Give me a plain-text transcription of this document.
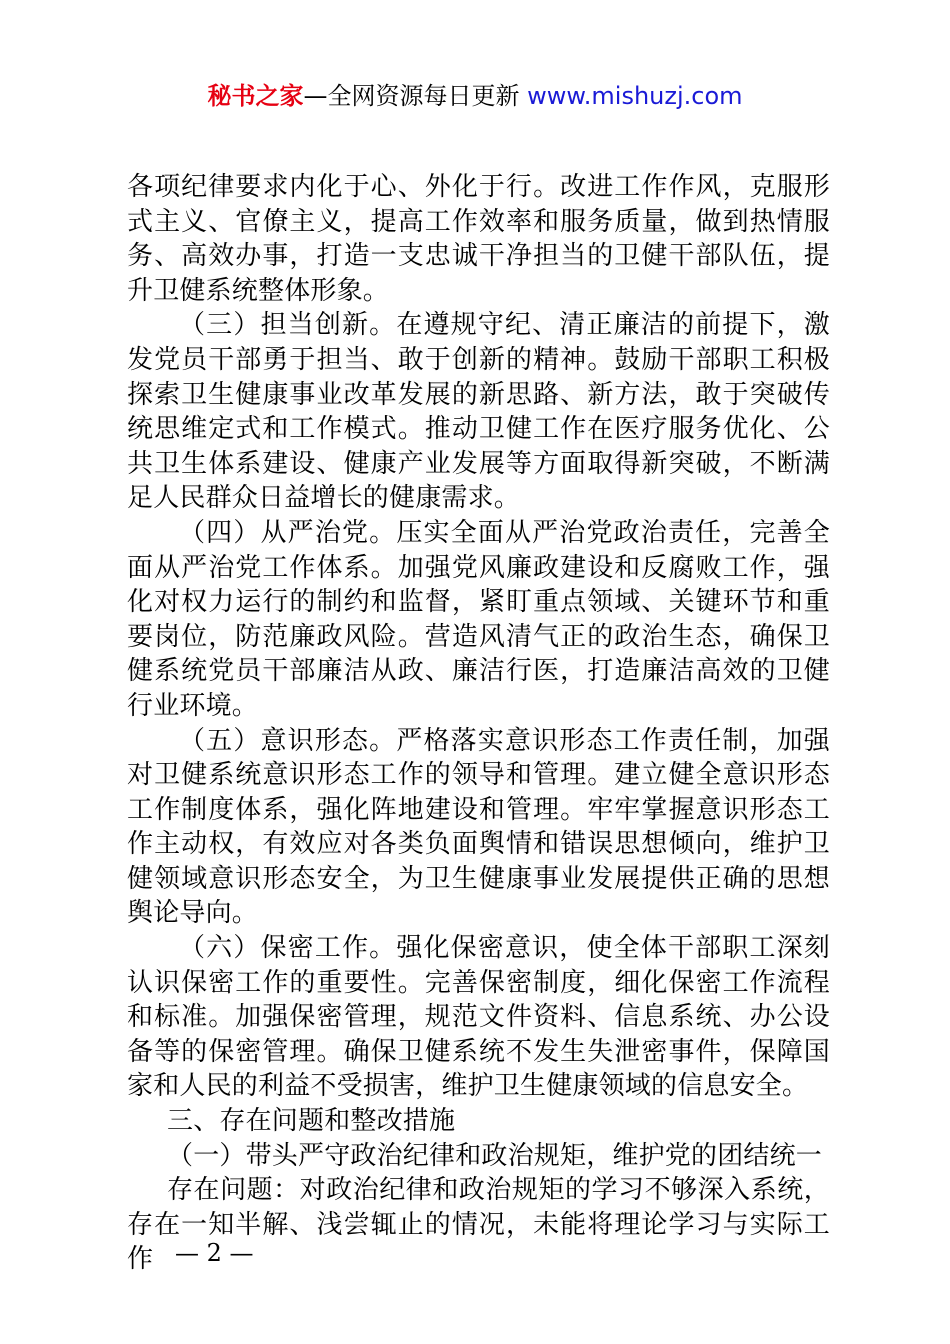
秘书之家—全网资源每日更新 www.mishuzj.com

各项纪律要求内化于心、外化于行。改进工作作风，克服形式主义、官僚主义，提高工作效率和服务质量，做到热情服务、高效办事，打造一支忠诚干净担当的卫健干部队伍，提升卫健系统整体形象。

（三）担当创新。在遵规守纪、清正廉洁的前提下，激发党员干部勇于担当、敢于创新的精神。鼓励干部职工积极探索卫生健康事业改革发展的新思路、新方法，敢于突破传统思维定式和工作模式。推动卫健工作在医疗服务优化、公共卫生体系建设、健康产业发展等方面取得新突破，不断满足人民群众日益增长的健康需求。

（四）从严治党。压实全面从严治党政治责任，完善全面从严治党工作体系。加强党风廉政建设和反腐败工作，强化对权力运行的制约和监督，紧盯重点领域、关键环节和重要岗位，防范廉政风险。营造风清气正的政治生态，确保卫健系统党员干部廉洁从政、廉洁行医，打造廉洁高效的卫健行业环境。

（五）意识形态。严格落实意识形态工作责任制，加强对卫健系统意识形态工作的领导和管理。建立健全意识形态工作制度体系，强化阵地建设和管理。牢牢掌握意识形态工作主动权，有效应对各类负面舆情和错误思想倾向，维护卫健领域意识形态安全，为卫生健康事业发展提供正确的思想舆论导向。

（六）保密工作。强化保密意识，使全体干部职工深刻认识保密工作的重要性。完善保密制度，细化保密工作流程和标准。加强保密管理，规范文件资料、信息系统、办公设备等的保密管理。确保卫健系统不发生失泄密事件，保障国家和人民的利益不受损害，维护卫生健康领域的信息安全。

三、存在问题和整改措施

（一）带头严守政治纪律和政治规矩，维护党的团结统一

存在问题：对政治纪律和政治规矩的学习不够深入系统，存在一知半解、浅尝辄止的情况，未能将理论学习与实际工作 — 2 —
